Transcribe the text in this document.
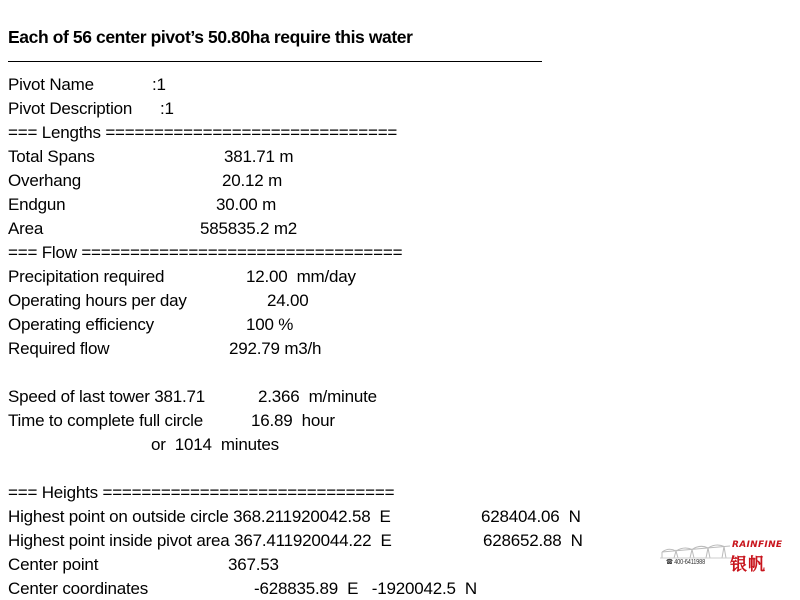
Each of 56 center pivot’s 50.80ha require this water
Pivot Name	:1
Pivot Description :1
=== Lengths ==============================
Total Spans	381.71 m
Overhang	20.12 m
Endgun	30.00 m
Area	585835.2 m2
=== Flow =================================
Precipitation required	12.00  mm/day
Operating hours per day	24.00
Operating efficiency	100 %
Required flow	292.79 m3/h
Speed of last tower 381.71	2.366  m/minute
Time to complete full circle	16.89  hour
or  1014  minutes
=== Heights ==============================
Highest point on outside circle 368.211920042.58  E	628404.06  N
Highest point inside pivot area 367.411920044.22  E	628652.88  N
Center point	367.53
Center coordinates	-628835.89  E   -1920042.5  N
RAINFINE
☎ 400-6411988 银帆
